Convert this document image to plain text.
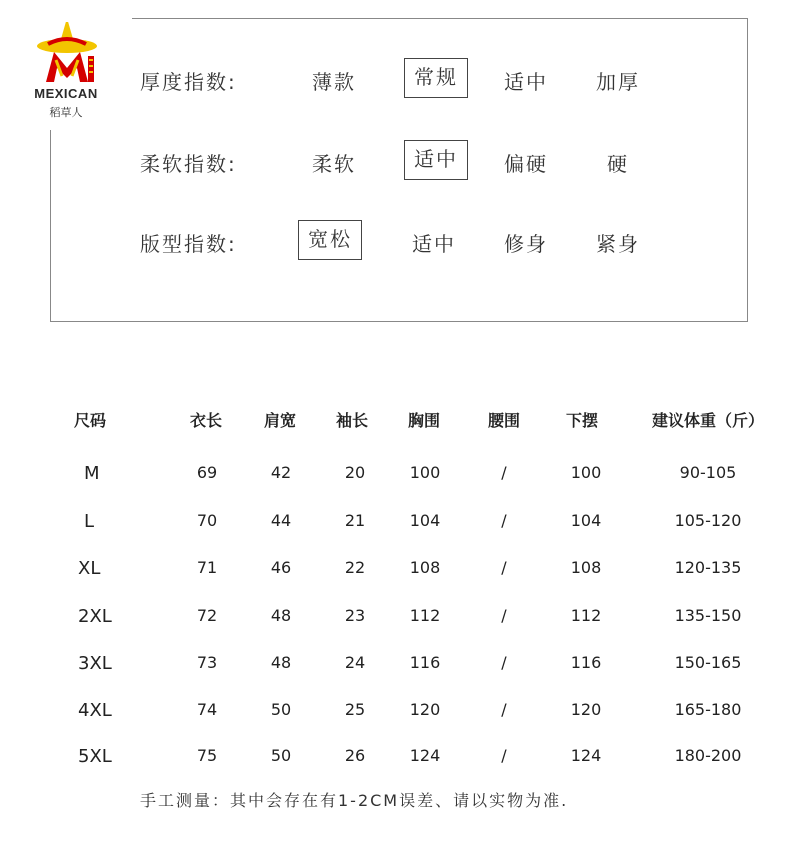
MEXICAN
稻草人
厚度指数:	薄款	常规	适中	加厚
柔软指数:	柔软	适中	偏硬	硬
版型指数:	宽松	适中	修身	紧身
尺码	衣长	肩宽 袖长 胸围	腰围	下摆	建议体重（斤）
M	69	42	20	100	/	100	90-105
L	70	44	21	104	/	104	105-120
XL	71	46	22	108	/	108	120-135
2XL	72	48	23	112	/	112	135-150
3XL	73	48	24	116	/	116	150-165
4XL	74	50	25	120	/	120	165-180
5XL	75	50	26	124	/	124	180-200
手工测量：其中会存在有1-2CM误差、请以实物为准.
